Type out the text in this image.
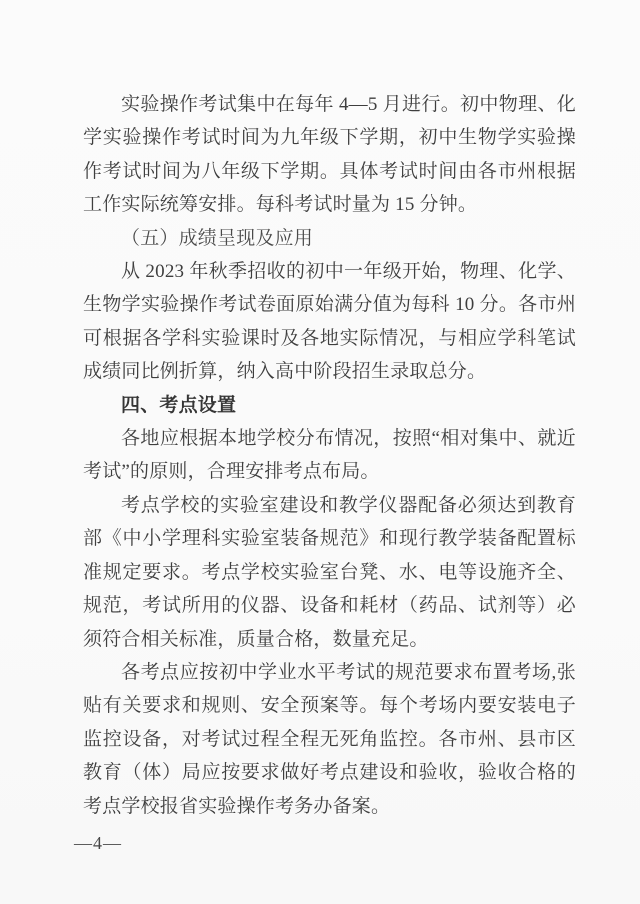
实验操作考试集中在每年 4—5 月进行。初中物理、化学实验操作考试时间为九年级下学期，初中生物学实验操作考试时间为八年级下学期。具体考试时间由各市州根据工作实际统筹安排。每科考试时量为 15 分钟。

（五）成绩呈现及应用

从 2023 年秋季招收的初中一年级开始，物理、化学、生物学实验操作考试卷面原始满分值为每科 10 分。各市州可根据各学科实验课时及各地实际情况，与相应学科笔试成绩同比例折算，纳入高中阶段招生录取总分。

四、考点设置

各地应根据本地学校分布情况，按照“相对集中、就近考试”的原则，合理安排考点布局。

考点学校的实验室建设和教学仪器配备必须达到教育部《中小学理科实验室装备规范》和现行教学装备配置标准规定要求。考点学校实验室台凳、水、电等设施齐全、规范，考试所用的仪器、设备和耗材（药品、试剂等）必须符合相关标准，质量合格，数量充足。

各考点应按初中学业水平考试的规范要求布置考场,张贴有关要求和规则、安全预案等。每个考场内要安装电子监控设备，对考试过程全程无死角监控。各市州、县市区教育（体）局应按要求做好考点建设和验收，验收合格的考点学校报省实验操作考务办备案。

—4—
